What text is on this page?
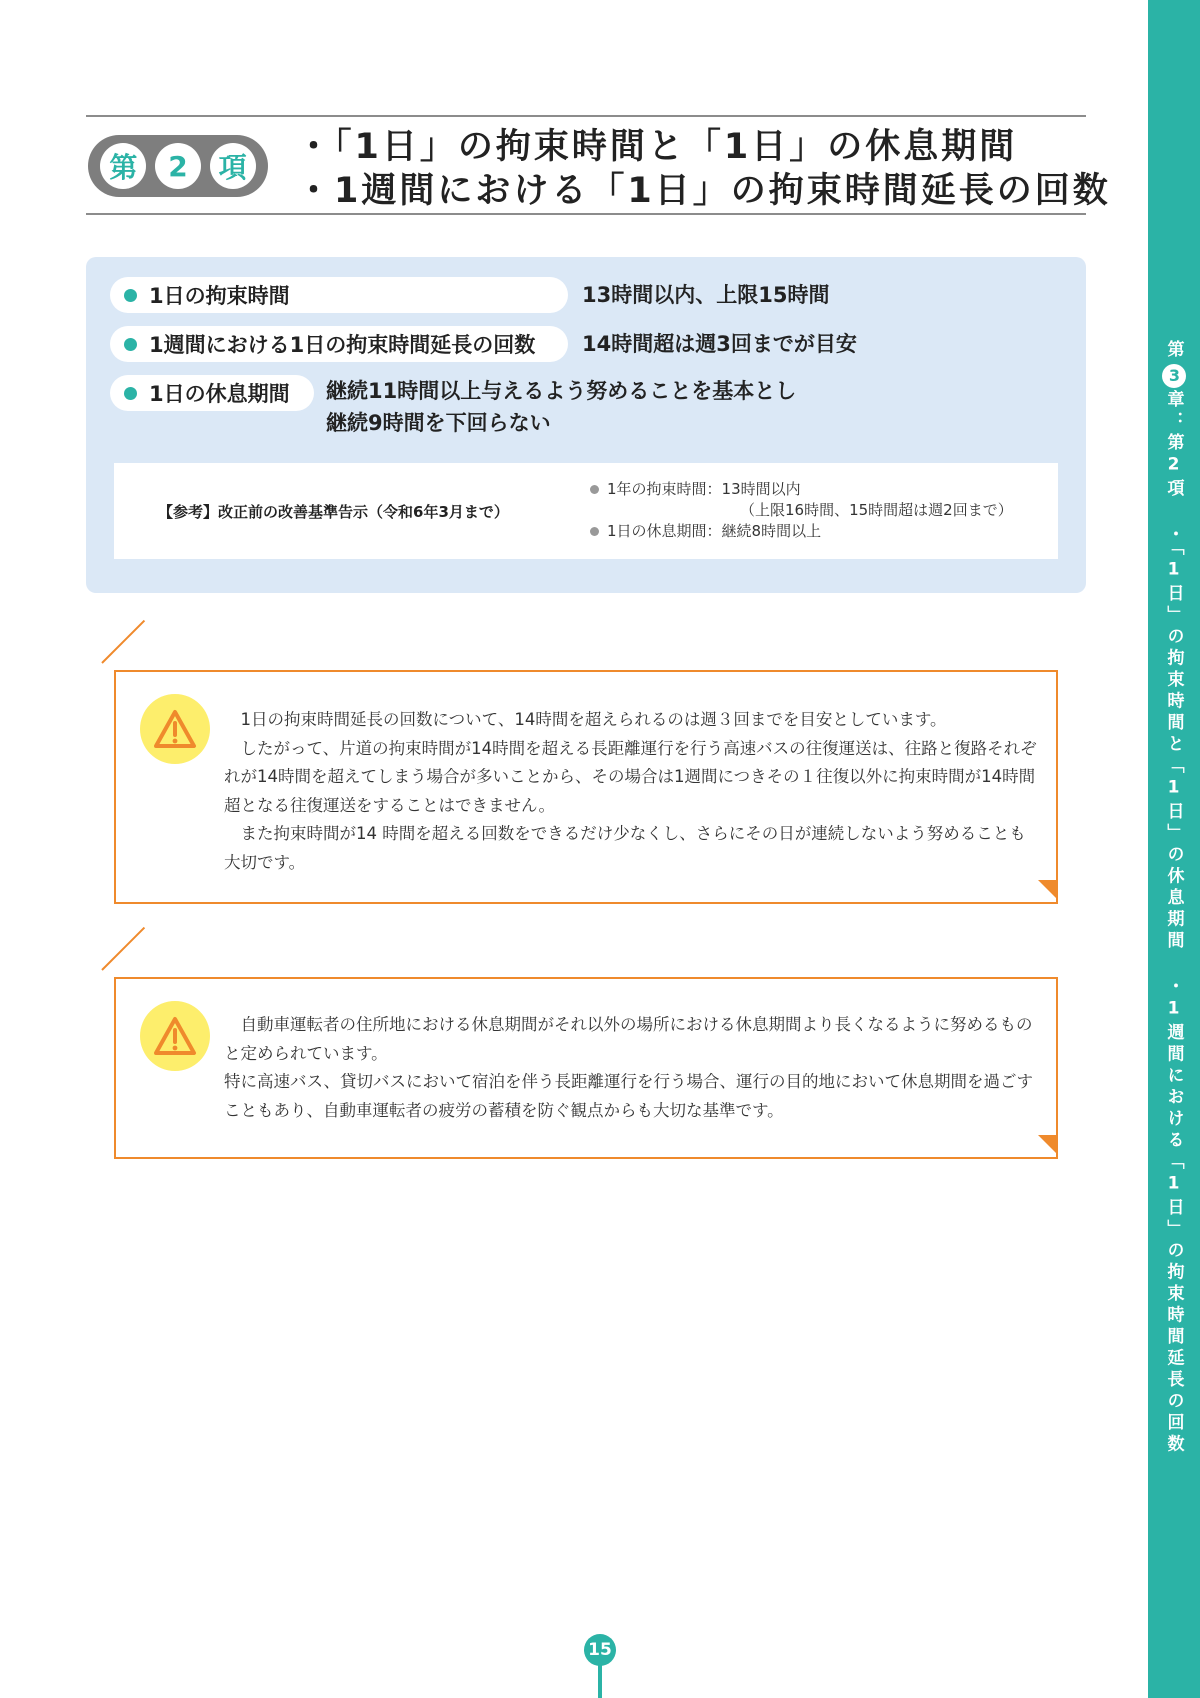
第	2	項
・「1日」の拘束時間と「1日」の休息期間
・1週間における「1日」の拘束時間延長の回数
1日の拘束時間	13時間以内、上限15時間
1週間における1日の拘束時間延長の回数 14時間超は週3回までが目安
1日の休息期間 継続11時間以上与えるよう努めることを基本とし
継続9時間を下回らない
【参考】改正前の改善基準告示（令和6年3月まで）
1年の拘束時間： 13時間以内
（上限16時間、15時間超は週2回まで）
1日の休息期間： 継続8時間以上

1日の拘束時間延長の回数について、14時間を超えられるのは週３回までを目安としています。

したがって、片道の拘束時間が14時間を超える長距離運行を行う高速バスの往復運送は、往路と復路それぞれが14時間を超えてしまう場合が多いことから、その場合は1週間につきその１往復以外に拘束時間が14時間超となる往復運送をすることはできません。

また拘束時間が14 時間を超える回数をできるだけ少なくし、さらにその日が連続しないよう努めることも大切です。

自動車運転者の住所地における休息期間がそれ以外の場所における休息期間より長くなるように努めるものと定められています。

特に高速バス、貸切バスにおいて宿泊を伴う長距離運行を行う場合、運行の目的地において休息期間を過ごすこともあり、自動車運転者の疲労の蓄積を防ぐ観点からも大切な基準です。

第
3
章：第2項 ・「1日」の拘束時間と「1日」の休息期間 ・1週間における「1日」の拘束時間延長の回数
15
